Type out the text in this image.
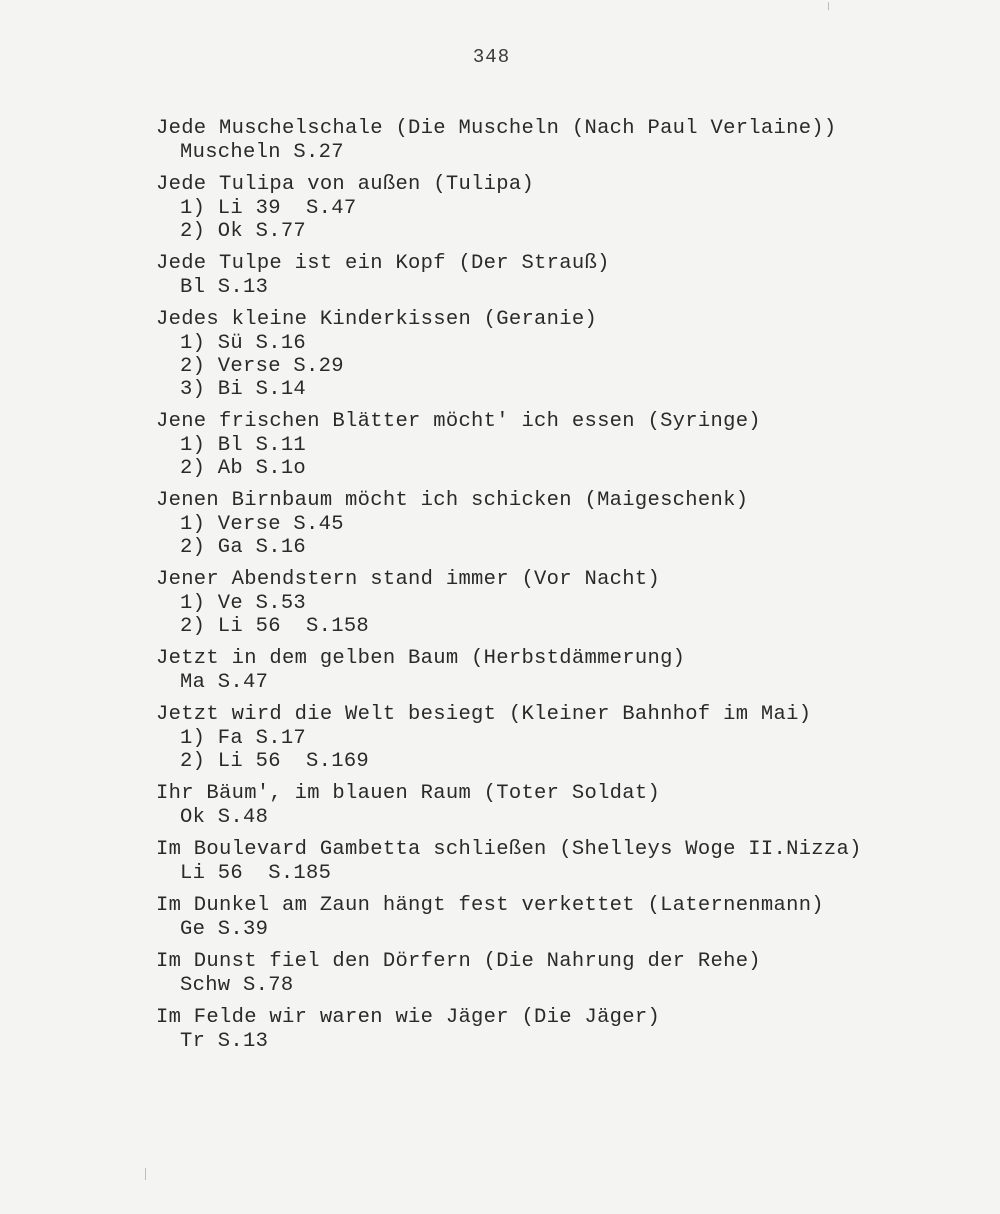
348
Jede Muschelschale (Die Muscheln (Nach Paul Verlaine))
Muscheln S.27
Jede Tulipa von außen (Tulipa)
1) Li 39  S.47
2) Ok S.77
Jede Tulpe ist ein Kopf (Der Strauß)
Bl S.13
Jedes kleine Kinderkissen (Geranie)
1) Sü S.16
2) Verse S.29
3) Bi S.14
Jene frischen Blätter möcht' ich essen (Syringe)
1) Bl S.11
2) Ab S.1o
Jenen Birnbaum möcht ich schicken (Maigeschenk)
1) Verse S.45
2) Ga S.16
Jener Abendstern stand immer (Vor Nacht)
1) Ve S.53
2) Li 56  S.158
Jetzt in dem gelben Baum (Herbstdämmerung)
Ma S.47
Jetzt wird die Welt besiegt (Kleiner Bahnhof im Mai)
1) Fa S.17
2) Li 56  S.169
Ihr Bäum', im blauen Raum (Toter Soldat)
Ok S.48
Im Boulevard Gambetta schließen (Shelleys Woge II.Nizza)
Li 56  S.185
Im Dunkel am Zaun hängt fest verkettet (Laternenmann)
Ge S.39
Im Dunst fiel den Dörfern (Die Nahrung der Rehe)
Schw S.78
Im Felde wir waren wie Jäger (Die Jäger)
Tr S.13
